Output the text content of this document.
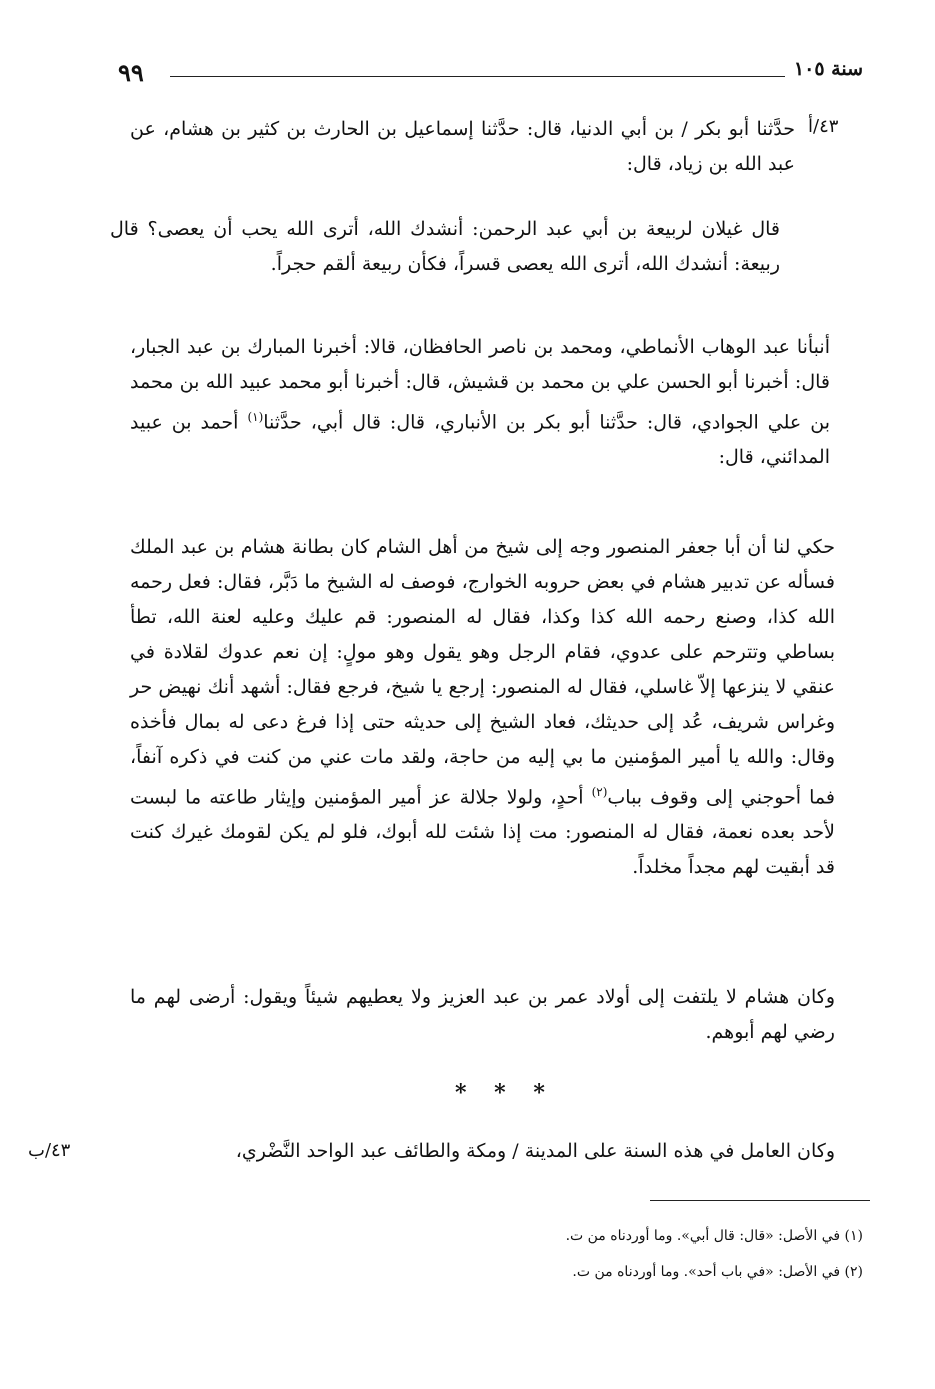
٩٩	سنة ١٠٥
٤٣/أ

حدَّثنا أبو بكر / بن أبي الدنيا، قال: حدَّثنا إسماعيل بن الحارث بن كثير بن هشام، عن عبد الله بن زياد، قال:

قال غيلان لربيعة بن أبي عبد الرحمن: أنشدك الله، أترى الله يحب أن يعصى؟ قال ربيعة: أنشدك الله، أترى الله يعصى قسراً، فكأن ربيعة ألقم حجراً.

أنبأنا عبد الوهاب الأنماطي، ومحمد بن ناصر الحافظان، قالا: أخبرنا المبارك بن عبد الجبار، قال: أخبرنا أبو الحسن علي بن محمد بن قشيش، قال: أخبرنا أبو محمد عبيد الله بن محمد بن علي الجوادي، قال: حدَّثنا أبو بكر بن الأنباري، قال: قال أبي، حدَّثنا$^{(١)}$ أحمد بن عبيد المدائني، قال:

حكي لنا أن أبا جعفر المنصور وجه إلى شيخ من أهل الشام كان بطانة هشام بن عبد الملك فسأله عن تدبير هشام في بعض حروبه الخوارج، فوصف له الشيخ ما دَبَّر، فقال: فعل رحمه الله كذا، وصنع رحمه الله كذا وكذا، فقال له المنصور: قم عليك وعليه لعنة الله، تطأ بساطي وتترحم على عدوي، فقام الرجل وهو يقول وهو مولٍ: إن نعم عدوك لقلادة في عنقي لا ينزعها إلاّ غاسلي، فقال له المنصور: إرجع يا شيخ، فرجع فقال: أشهد أنك نهيض حر وغراس شريف، عُد إلى حديثك، فعاد الشيخ إلى حديثه حتى إذا فرغ دعى له بمال فأخذه وقال: والله يا أمير المؤمنين ما بي إليه من حاجة، ولقد مات عني من كنت في ذكره آنفاً، فما أحوجني إلى وقوف بباب$^{(٢)}$ أحدٍ، ولولا جلالة عز أمير المؤمنين وإيثار طاعته ما لبست لأحد بعده نعمة، فقال له المنصور: مت إذا شئت لله أبوك، فلو لم يكن لقومك غيرك كنت قد أبقيت لهم مجداً مخلداً.

وكان هشام لا يلتفت إلى أولاد عمر بن عبد العزيز ولا يعطيهم شيئاً ويقول: أرضى لهم ما رضي لهم أبوهم.

* * *
٤٣/ب	وكان العامل في هذه السنة على المدينة / ومكة والطائف عبد الواحد النَّضْري،

(١) في الأصل: «قال: قال أبي». وما أوردناه من ت.
(٢) في الأصل: «في باب أحد». وما أوردناه من ت.
